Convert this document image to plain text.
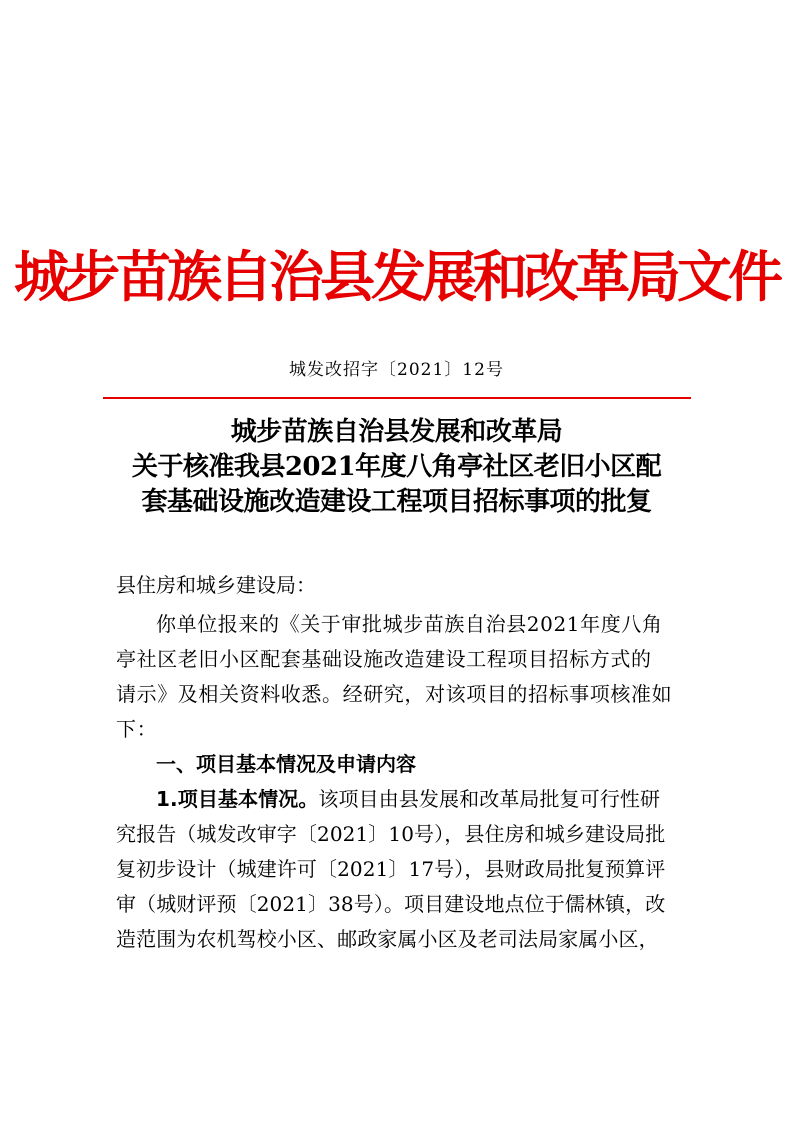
城步苗族自治县发展和改革局文件
城发改招字〔2021〕12号
城步苗族自治县发展和改革局
关于核准我县2021年度八角亭社区老旧小区配
套基础设施改造建设工程项目招标事项的批复

县住房和城乡建设局：

你单位报来的《关于审批城步苗族自治县2021年度八角

亭社区老旧小区配套基础设施改造建设工程项目招标方式的

请示》及相关资料收悉。经研究，对该项目的招标事项核准如

下：

一、项目基本情况及申请内容

1.项目基本情况。该项目由县发展和改革局批复可行性研

究报告（城发改审字〔2021〕10号），县住房和城乡建设局批

复初步设计（城建许可〔2021〕17号），县财政局批复预算评

审（城财评预〔2021〕38号）。项目建设地点位于儒林镇，改

造范围为农机驾校小区、邮政家属小区及老司法局家属小区，
